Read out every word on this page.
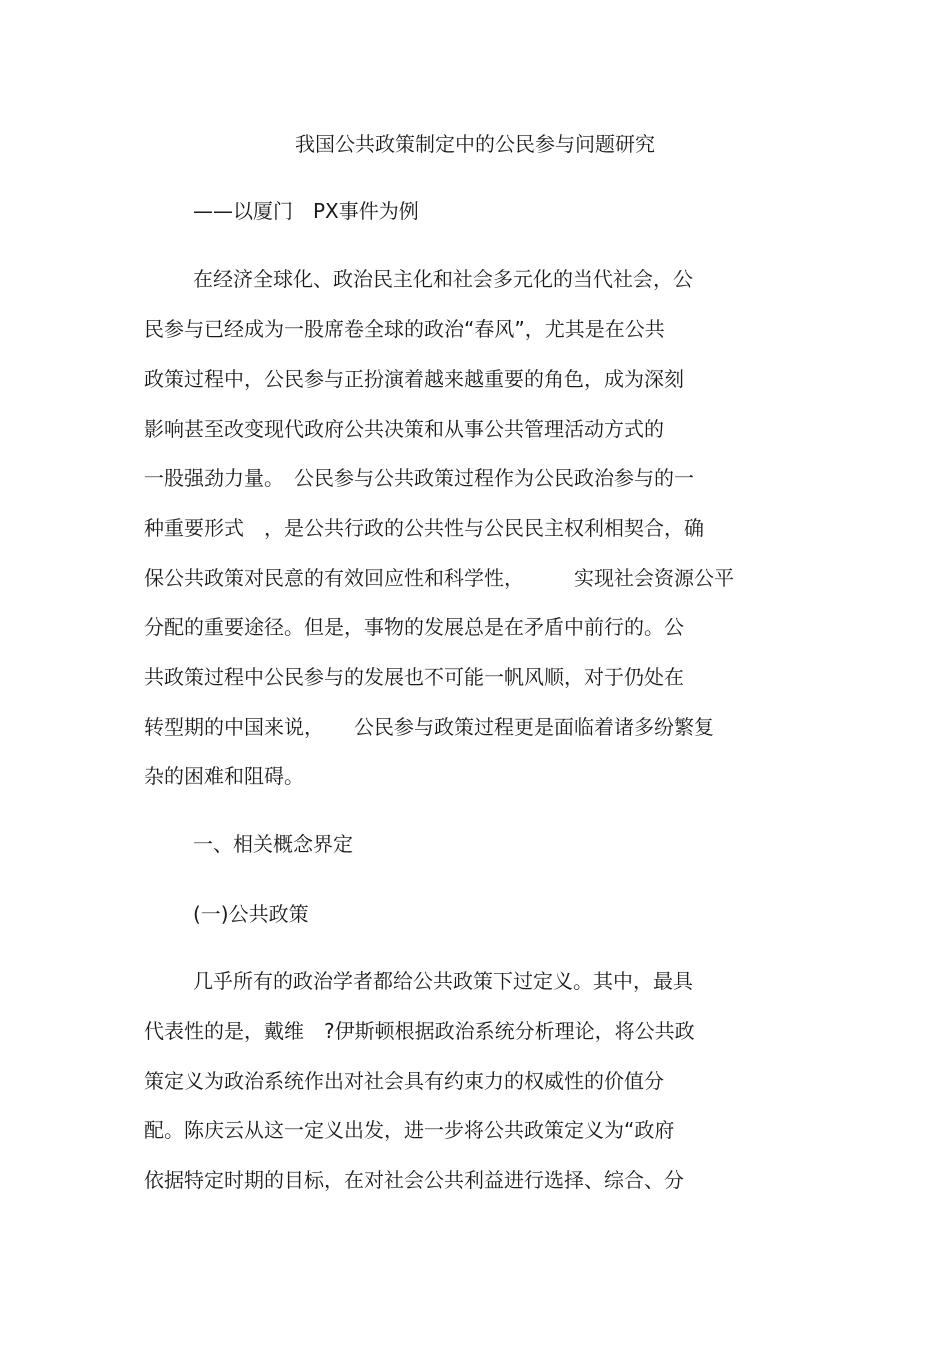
我国公共政策制定中的公民参与问题研究
——以厦门　PX事件为例
在经济全球化、政治民主化和社会多元化的当代社会，公
民参与已经成为一股席卷全球的政治“春风”，尤其是在公共
政策过程中，公民参与正扮演着越来越重要的角色，成为深刻
影响甚至改变现代政府公共决策和从事公共管理活动方式的
一股强劲力量。　公民参与公共政策过程作为公民政治参与的一
种重要形式　，是公共行政的公共性与公民民主权利相契合，确
保公共政策对民意的有效回应性和科学性，　　　实现社会资源公平
分配的重要途径。但是，事物的发展总是在矛盾中前行的。公
共政策过程中公民参与的发展也不可能一帆风顺，对于仍处在
转型期的中国来说，　　公民参与政策过程更是面临着诸多纷繁复
杂的困难和阻碍。
一、相关概念界定
(一)公共政策
几乎所有的政治学者都给公共政策下过定义。其中，最具
代表性的是，戴维　?伊斯顿根据政治系统分析理论，将公共政
策定义为政治系统作出对社会具有约束力的权威性的价值分
配。陈庆云从这一定义出发，进一步将公共政策定义为“政府
依据特定时期的目标，在对社会公共利益进行选择、综合、分
